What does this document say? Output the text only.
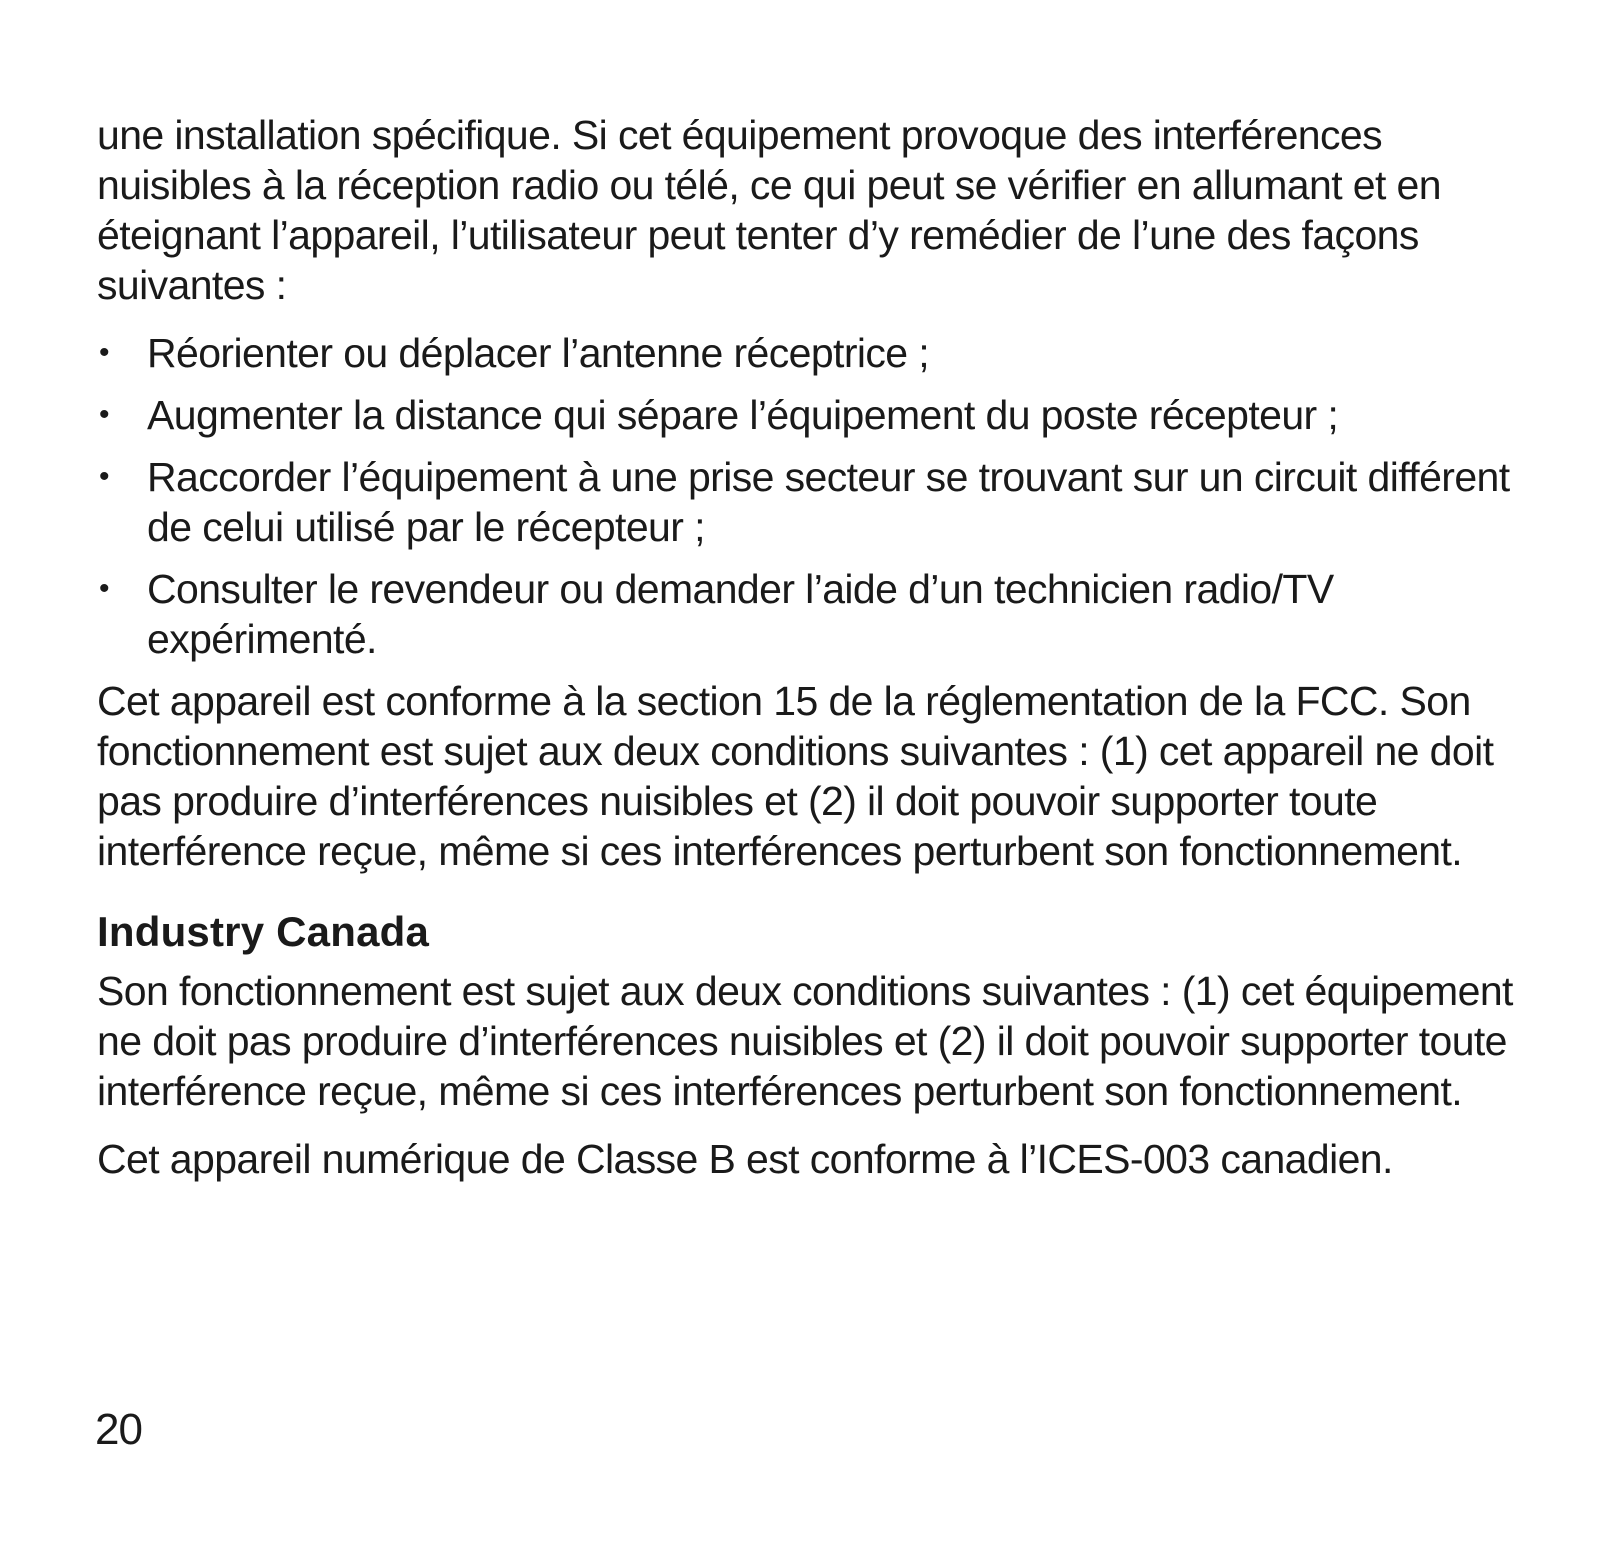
une installation spécifique. Si cet équipement provoque des interférences nuisibles à la réception radio ou télé, ce qui peut se vérifier en allumant et en éteignant l’appareil, l’utilisateur peut tenter d’y remédier de l’une des façons suivantes :

• Réorienter ou déplacer l’antenne réceptrice ;
• Augmenter la distance qui sépare l’équipement du poste récepteur ;
• Raccorder l’équipement à une prise secteur se trouvant sur un circuit différent de celui utilisé par le récepteur ;
• Consulter le revendeur ou demander l’aide d’un technicien radio/TV expérimenté.

Cet appareil est conforme à la section 15 de la réglementation de la FCC. Son fonctionnement est sujet aux deux conditions suivantes : (1) cet appareil ne doit pas produire d’interférences nuisibles et (2) il doit pouvoir supporter toute interférence reçue, même si ces interférences perturbent son fonctionnement.

Industry Canada

Son fonctionnement est sujet aux deux conditions suivantes : (1) cet équipement ne doit pas produire d’interférences nuisibles et (2) il doit pouvoir supporter toute interférence reçue, même si ces interférences perturbent son fonctionnement.

Cet appareil numérique de Classe B est conforme à l’ICES-003 canadien.

20
